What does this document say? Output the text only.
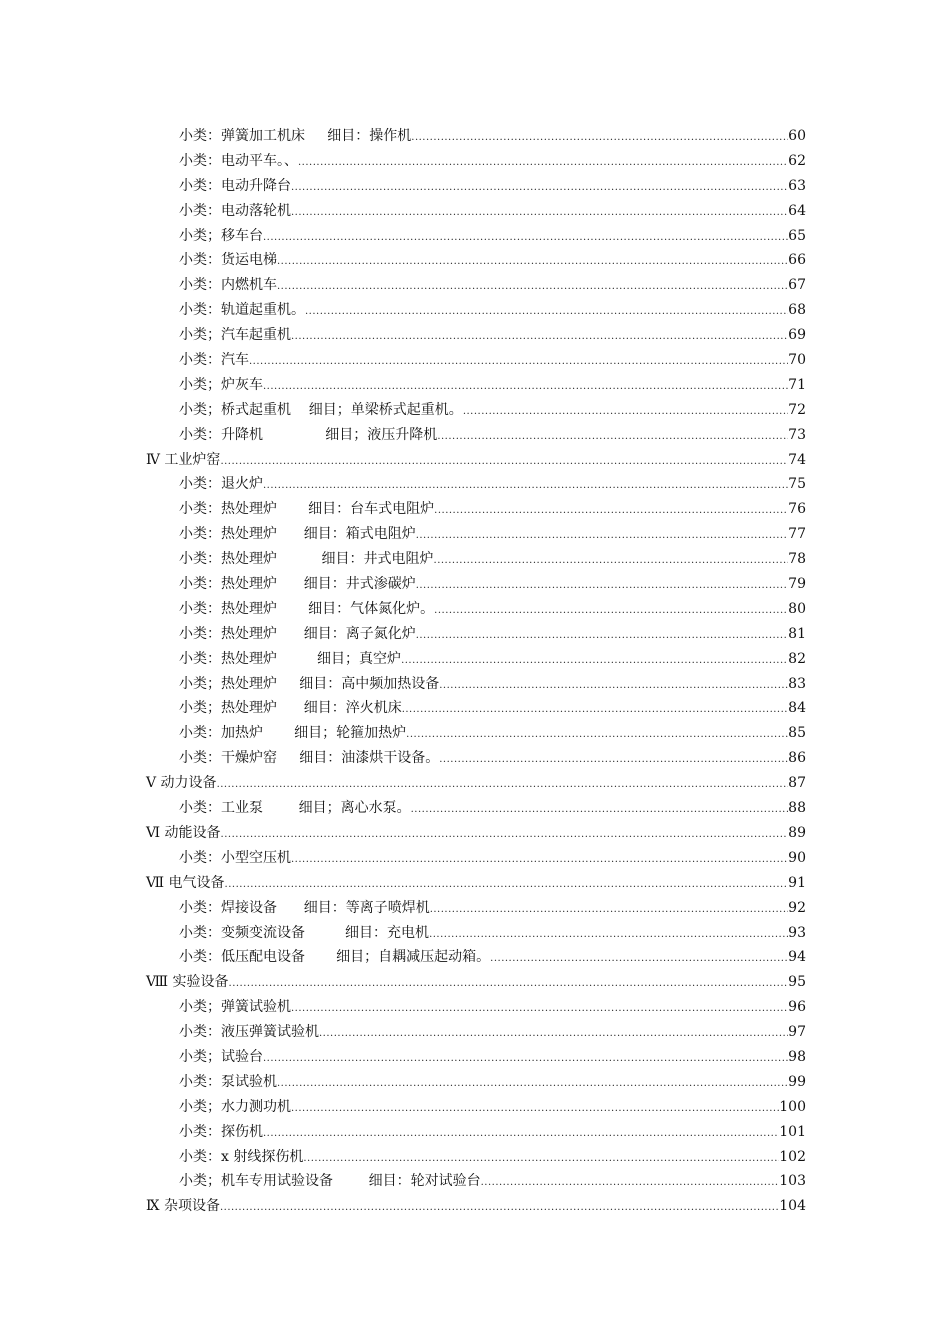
小类：弹簧加工机床     细目：操作机 .....	60
小类：电动平车。、 .....	62
小类：电动升降台 .....	63
小类：电动落轮机 .....	64
小类；移车台 .....	65
小类：货运电梯 .....	66
小类：内燃机车 .....	67
小类：轨道起重机。 .....	68
小类；汽车起重机 .....	69
小类：汽车 .....	70
小类；炉灰车 .....	71
小类；桥式起重机    细目；单梁桥式起重机。 .....	72
小类：升降机              细目；液压升降机 .....	73
Ⅳ 工业炉窑 .....	74
小类：退火炉 .....	75
小类：热处理炉       细目：台车式电阻炉 .....	76
小类：热处理炉      细目：箱式电阻炉 .....	77
小类：热处理炉          细目：井式电阻炉 .....	78
小类：热处理炉      细目：井式渗碳炉 .....	79
小类：热处理炉       细目：气体氮化炉。 .....	80
小类：热处理炉      细目：离子氮化炉 .....	81
小类：热处理炉         细目；真空炉 .....	82
小类；热处理炉     细目：高中频加热设备 .....	83
小类；热处理炉      细目：淬火机床 .....	84
小类：加热炉       细目；轮箍加热炉 .....	85
小类：干燥炉窑     细目：油漆烘干设备。 .....	86
Ⅴ 动力设备 .....	87
小类：工业泵        细目；离心水泵。 .....	88
Ⅵ 动能设备 .....	89
小类：小型空压机 .....	90
Ⅶ 电气设备 .....	91
小类：焊接设备      细目：等离子喷焊机 .....	92
小类：变频变流设备         细目：充电机 .....	93
小类：低压配电设备       细目；自耦减压起动箱。 .....	94
Ⅷ 实验设备 .....	95
小类；弹簧试验机 .....	96
小类：液压弹簧试验机 .....	97
小类；试验台 .....	98
小类：泵试验机 .....	99
小类；水力测功机 .....	100
小类：探伤机 .....	101
小类：x 射线探伤机 .....	102
小类；机车专用试验设备        细目：轮对试验台 .....	103
Ⅸ 杂项设备 .....	104
